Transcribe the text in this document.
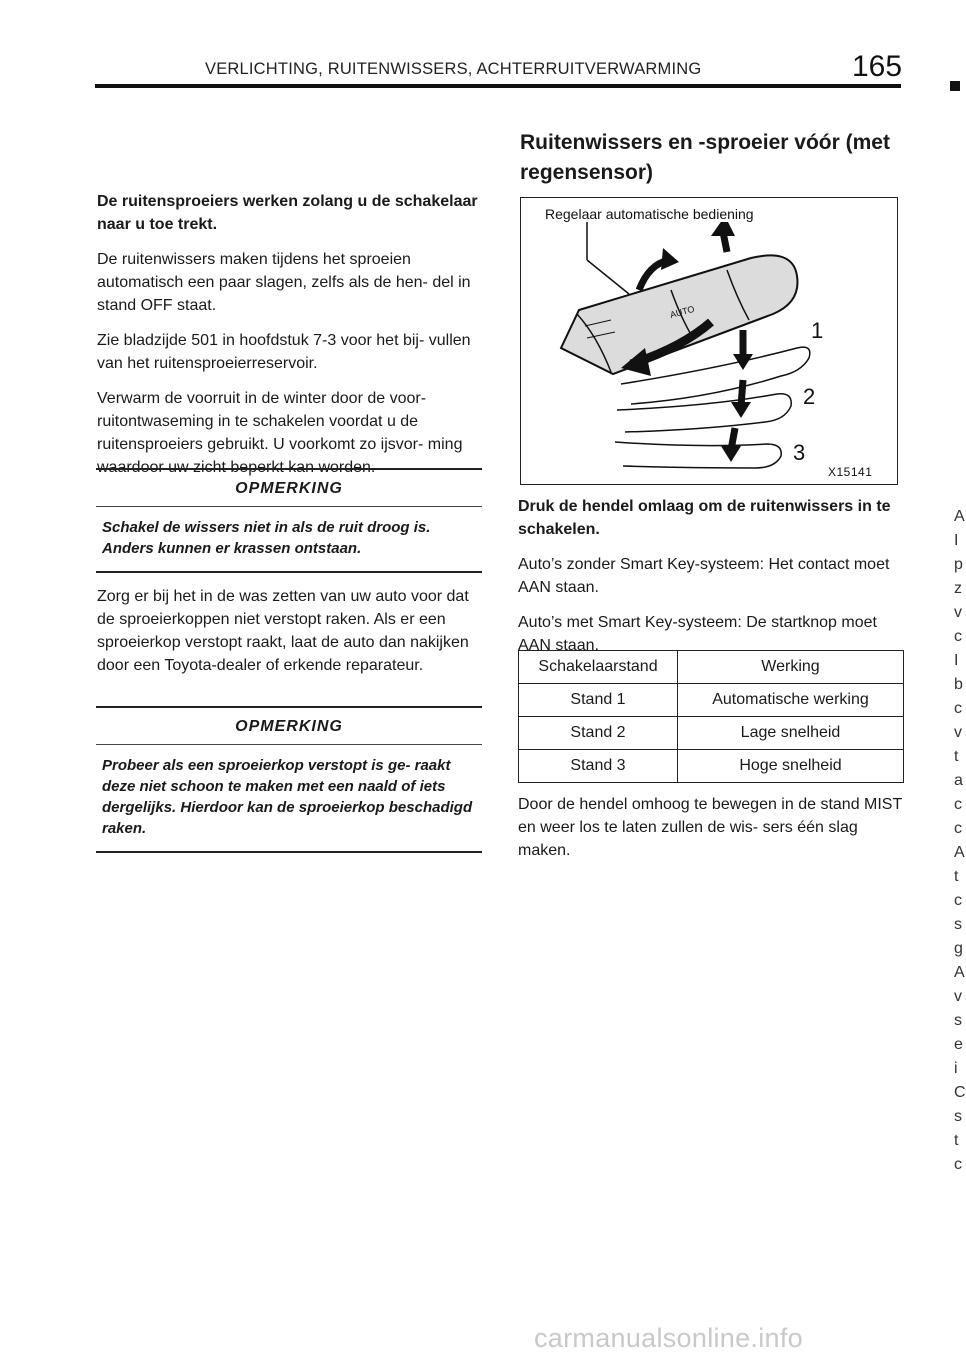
VERLICHTING, RUITENWISSERS, ACHTERRUITVERWARMING	165

De ruitensproeiers werken zolang u de schakelaar naar u toe trekt.

De ruitenwissers maken tijdens het sproeien automatisch een paar slagen, zelfs als de hen- del in stand OFF staat.

Zie bladzijde 501 in hoofdstuk 7-3 voor het bij- vullen van het ruitensproeierreservoir.

Verwarm de voorruit in de winter door de voor- ruitontwaseming in te schakelen voordat u de ruitensproeiers gebruikt. U voorkomt zo ijsvor- ming waardoor uw zicht beperkt kan worden.

OPMERKING
Schakel de wissers niet in als de ruit droog is. Anders kunnen er krassen ontstaan.

Zorg er bij het in de was zetten van uw auto voor dat de sproeierkoppen niet verstopt raken. Als er een sproeierkop verstopt raakt, laat de auto dan nakijken door een Toyota-dealer of erkende reparateur.

OPMERKING
Probeer als een sproeierkop verstopt is ge- raakt deze niet schoon te maken met een naald of iets dergelijks. Hierdoor kan de sproeierkop beschadigd raken.
Ruitenwissers en -sproeier vóór (met regensensor)
AUTO
1
2
3
Regelaar automatische bediening
X15141

Druk de hendel omlaag om de ruitenwissers in te schakelen.

Auto’s zonder Smart Key-systeem: Het contact moet AAN staan.

Auto’s met Smart Key-systeem: De startknop moet AAN staan.

Schakelaarstand	Werking
Stand 1	Automatische werking
Stand 2	Lage snelheid
Stand 3	Hoge snelheid

Door de hendel omhoog te bewegen in de stand MIST en weer los te laten zullen de wis- sers één slag maken.

A
I
p
z
v
c
I
b
c
v
t
a
c
c
A
t
c
s
g
A
v
s
e
i
C
s
t
c
carmanualsonline.info
